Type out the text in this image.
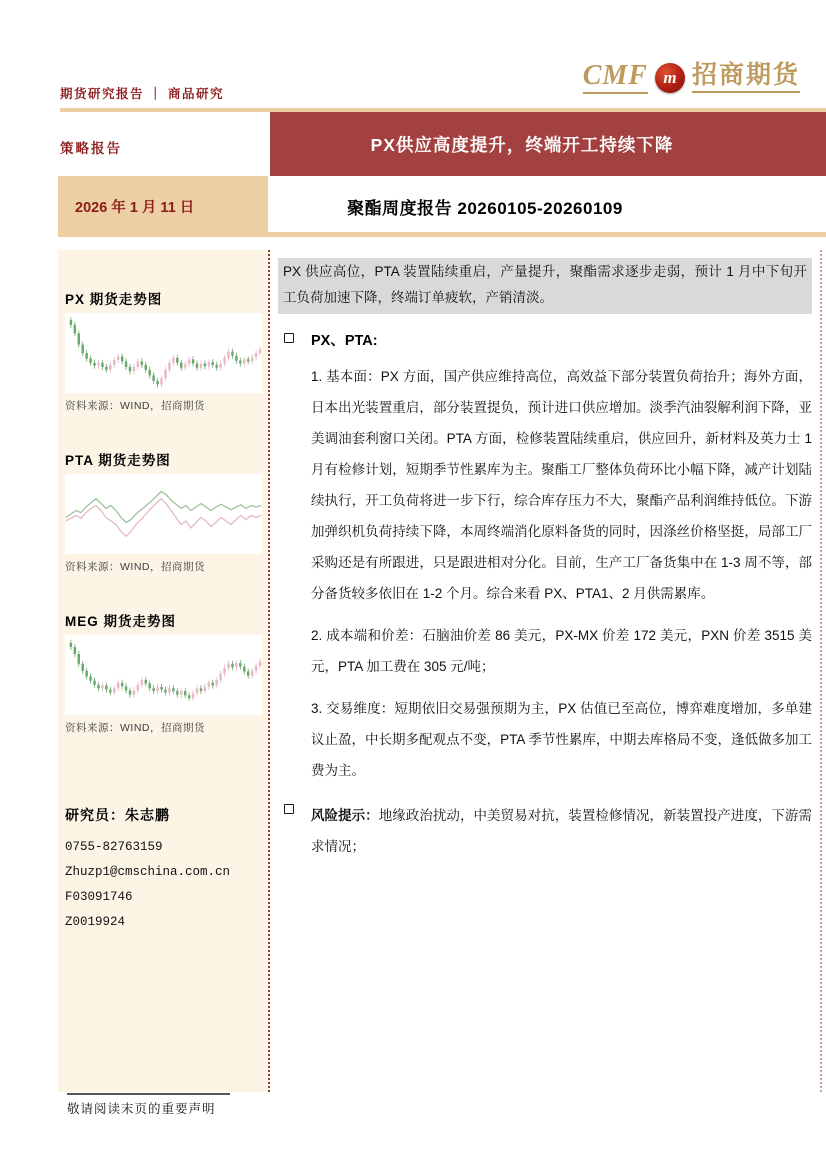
期货研究报告 ｜ 商品研究
CMF m 招商期货
PX供应高度提升，终端开工持续下降
策略报告
2026 年 1 月 11 日	聚酯周度报告 20260105-20260109
PX 期货走势图
资料来源：WIND，招商期货
PTA 期货走势图
资料来源：WIND，招商期货
MEG 期货走势图
资料来源：WIND，招商期货
研究员：朱志鹏
0755-82763159
Zhuzp1@cmschina.com.cn
F03091746
Z0019924
PX 供应高位，PTA 装置陆续重启，产量提升，聚酯需求逐步走弱，预计 1 月中下旬开工负荷加速下降，终端订单疲软，产销清淡。
PX、PTA:
1. 基本面：PX 方面，国产供应维持高位，高效益下部分装置负荷抬升；海外方面，日本出光装置重启，部分装置提负，预计进口供应增加。淡季汽油裂解利润下降，亚美调油套利窗口关闭。PTA 方面，检修装置陆续重启，供应回升，新材料及英力士 1 月有检修计划，短期季节性累库为主。聚酯工厂整体负荷环比小幅下降，减产计划陆续执行，开工负荷将进一步下行，综合库存压力不大，聚酯产品利润维持低位。下游加弹织机负荷持续下降，本周终端消化原料备货的同时，因涤丝价格坚挺，局部工厂采购还是有所跟进，只是跟进相对分化。目前，生产工厂备货集中在 1-3 周不等，部分备货较多依旧在 1-2 个月。综合来看 PX、PTA1、2 月供需累库。
2. 成本端和价差：石脑油价差 86 美元，PX-MX 价差 172 美元，PXN 价差 3515 美元，PTA 加工费在 305 元/吨；
3. 交易维度：短期依旧交易强预期为主，PX 估值已至高位，博弈难度增加，多单建议止盈，中长期多配观点不变，PTA 季节性累库，中期去库格局不变，逢低做多加工费为主。
风险提示：地缘政治扰动，中美贸易对抗，装置检修情况，新装置投产进度，下游需求情况；
敬请阅读末页的重要声明
